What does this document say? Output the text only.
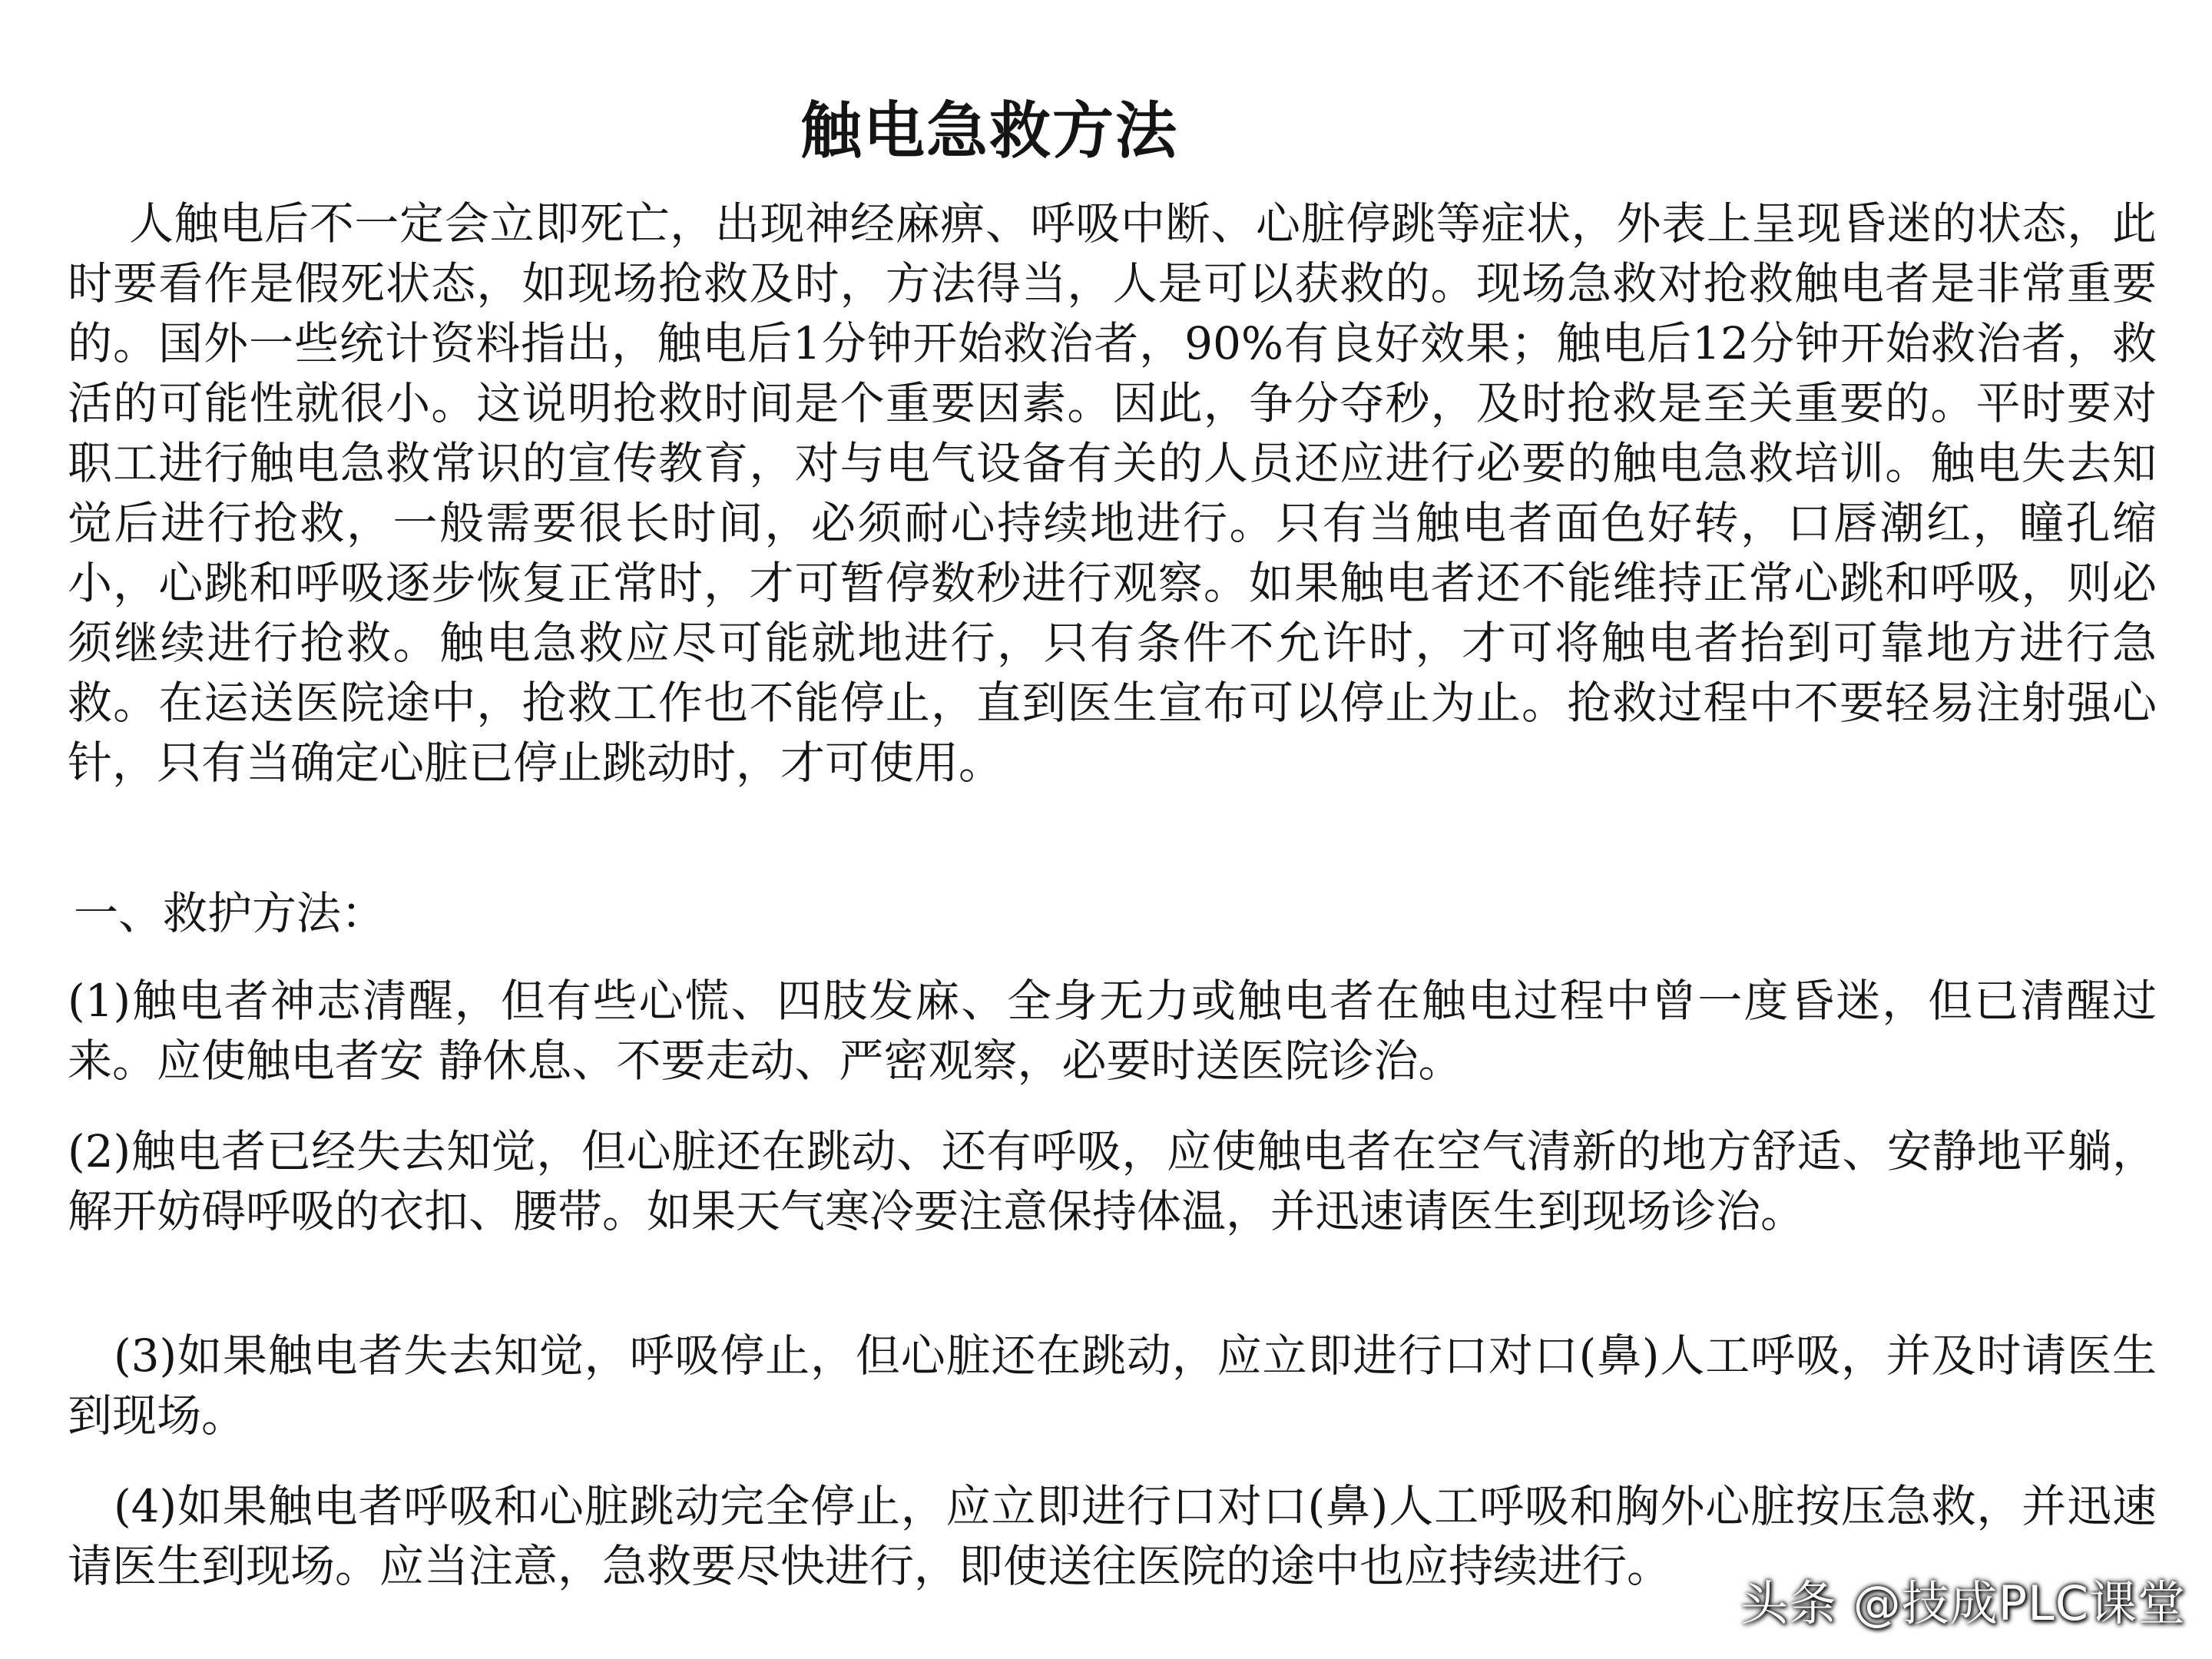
触电急救方法

人触电后不一定会立即死亡，出现神经麻痹、呼吸中断、心脏停跳等症状，外表上呈现昏迷的状态，此时要看作是假死状态，如现场抢救及时，方法得当，人是可以获救的。现场急救对抢救触电者是非常重要的。国外一些统计资料指出，触电后1分钟开始救治者，90%有良好效果；触电后12分钟开始救治者，救活的可能性就很小。这说明抢救时间是个重要因素。因此，争分夺秒，及时抢救是至关重要的。平时要对职工进行触电急救常识的宣传教育，对与电气设备有关的人员还应进行必要的触电急救培训。触电失去知觉后进行抢救，一般需要很长时间，必须耐心持续地进行。只有当触电者面色好转，口唇潮红，瞳孔缩小，心跳和呼吸逐步恢复正常时，才可暂停数秒进行观察。如果触电者还不能维持正常心跳和呼吸，则必须继续进行抢救。触电急救应尽可能就地进行，只有条件不允许时，才可将触电者抬到可靠地方进行急救。在运送医院途中，抢救工作也不能停止，直到医生宣布可以停止为止。抢救过程中不要轻易注射强心针，只有当确定心脏已停止跳动时，才可使用。

一、救护方法：

(1)触电者神志清醒，但有些心慌、四肢发麻、全身无力或触电者在触电过程中曾一度昏迷，但已清醒过来。应使触电者安 静休息、不要走动、严密观察，必要时送医院诊治。

(2)触电者已经失去知觉，但心脏还在跳动、还有呼吸，应使触电者在空气清新的地方舒适、安静地平躺，解开妨碍呼吸的衣扣、腰带。如果天气寒冷要注意保持体温，并迅速请医生到现场诊治。

(3)如果触电者失去知觉，呼吸停止，但心脏还在跳动，应立即进行口对口(鼻)人工呼吸，并及时请医生到现场。

(4)如果触电者呼吸和心脏跳动完全停止，应立即进行口对口(鼻)人工呼吸和胸外心脏按压急救，并迅速请医生到现场。应当注意，急救要尽快进行，即使送往医院的途中也应持续进行。

头条 @技成PLC课堂
